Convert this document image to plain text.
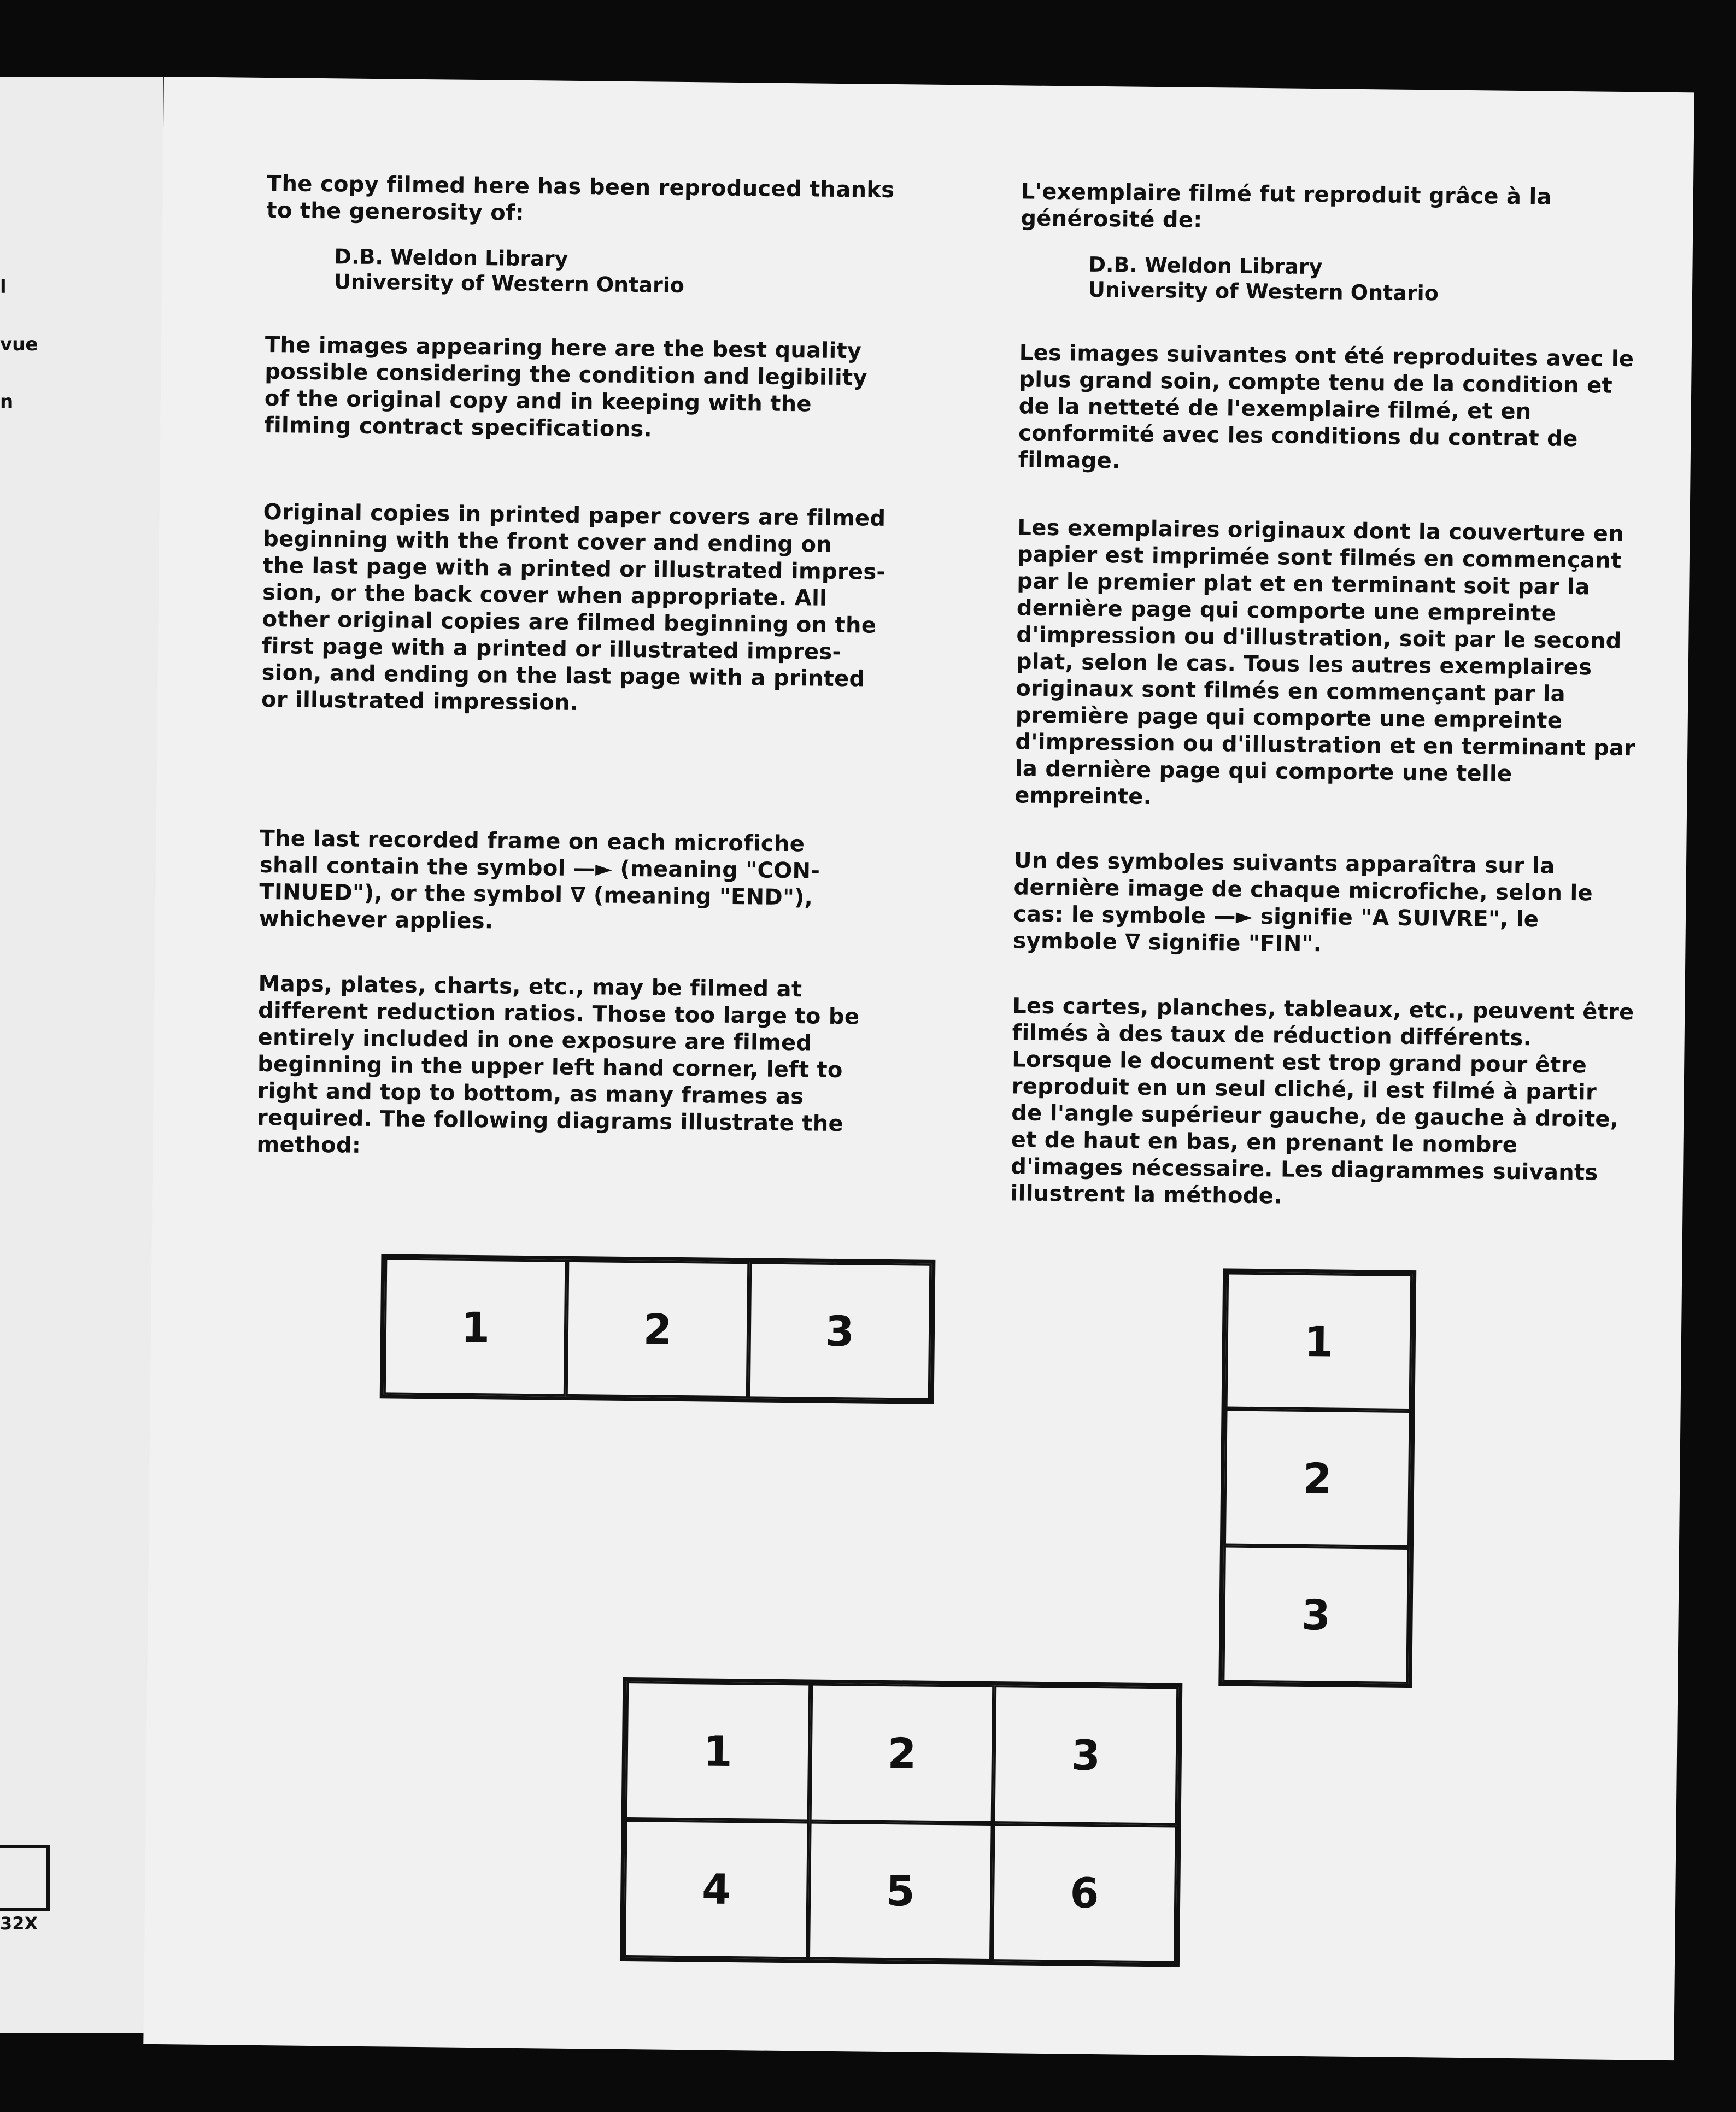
l
vue
n
32X

The copy filmed here has been reproduced thanks
to the generosity of:

D.B. Weldon Library
University of Western Ontario

The images appearing here are the best quality
possible considering the condition and legibility
of the original copy and in keeping with the
filming contract specifications.

Original copies in printed paper covers are filmed
beginning with the front cover and ending on
the last page with a printed or illustrated impres-
sion, or the back cover when appropriate. All
other original copies are filmed beginning on the
first page with a printed or illustrated impres-
sion, and ending on the last page with a printed
or illustrated impression.

The last recorded frame on each microfiche
shall contain the symbol —► (meaning "CON-
TINUED"), or the symbol ∇ (meaning "END"),
whichever applies.

Maps, plates, charts, etc., may be filmed at
different reduction ratios. Those too large to be
entirely included in one exposure are filmed
beginning in the upper left hand corner, left to
right and top to bottom, as many frames as
required. The following diagrams illustrate the
method:

L'exemplaire filmé fut reproduit grâce à la
générosité de:

D.B. Weldon Library
University of Western Ontario

Les images suivantes ont été reproduites avec le
plus grand soin, compte tenu de la condition et
de la netteté de l'exemplaire filmé, et en
conformité avec les conditions du contrat de
filmage.

Les exemplaires originaux dont la couverture en
papier est imprimée sont filmés en commençant
par le premier plat et en terminant soit par la
dernière page qui comporte une empreinte
d'impression ou d'illustration, soit par le second
plat, selon le cas. Tous les autres exemplaires
originaux sont filmés en commençant par la
première page qui comporte une empreinte
d'impression ou d'illustration et en terminant par
la dernière page qui comporte une telle
empreinte.

Un des symboles suivants apparaîtra sur la
dernière image de chaque microfiche, selon le
cas: le symbole —► signifie "A SUIVRE", le
symbole ∇ signifie "FIN".

Les cartes, planches, tableaux, etc., peuvent être
filmés à des taux de réduction différents.
Lorsque le document est trop grand pour être
reproduit en un seul cliché, il est filmé à partir
de l'angle supérieur gauche, de gauche à droite,
et de haut en bas, en prenant le nombre
d'images nécessaire. Les diagrammes suivants
illustrent la méthode.

1	2	3	1
2
3
1	2	3
4	5	6
